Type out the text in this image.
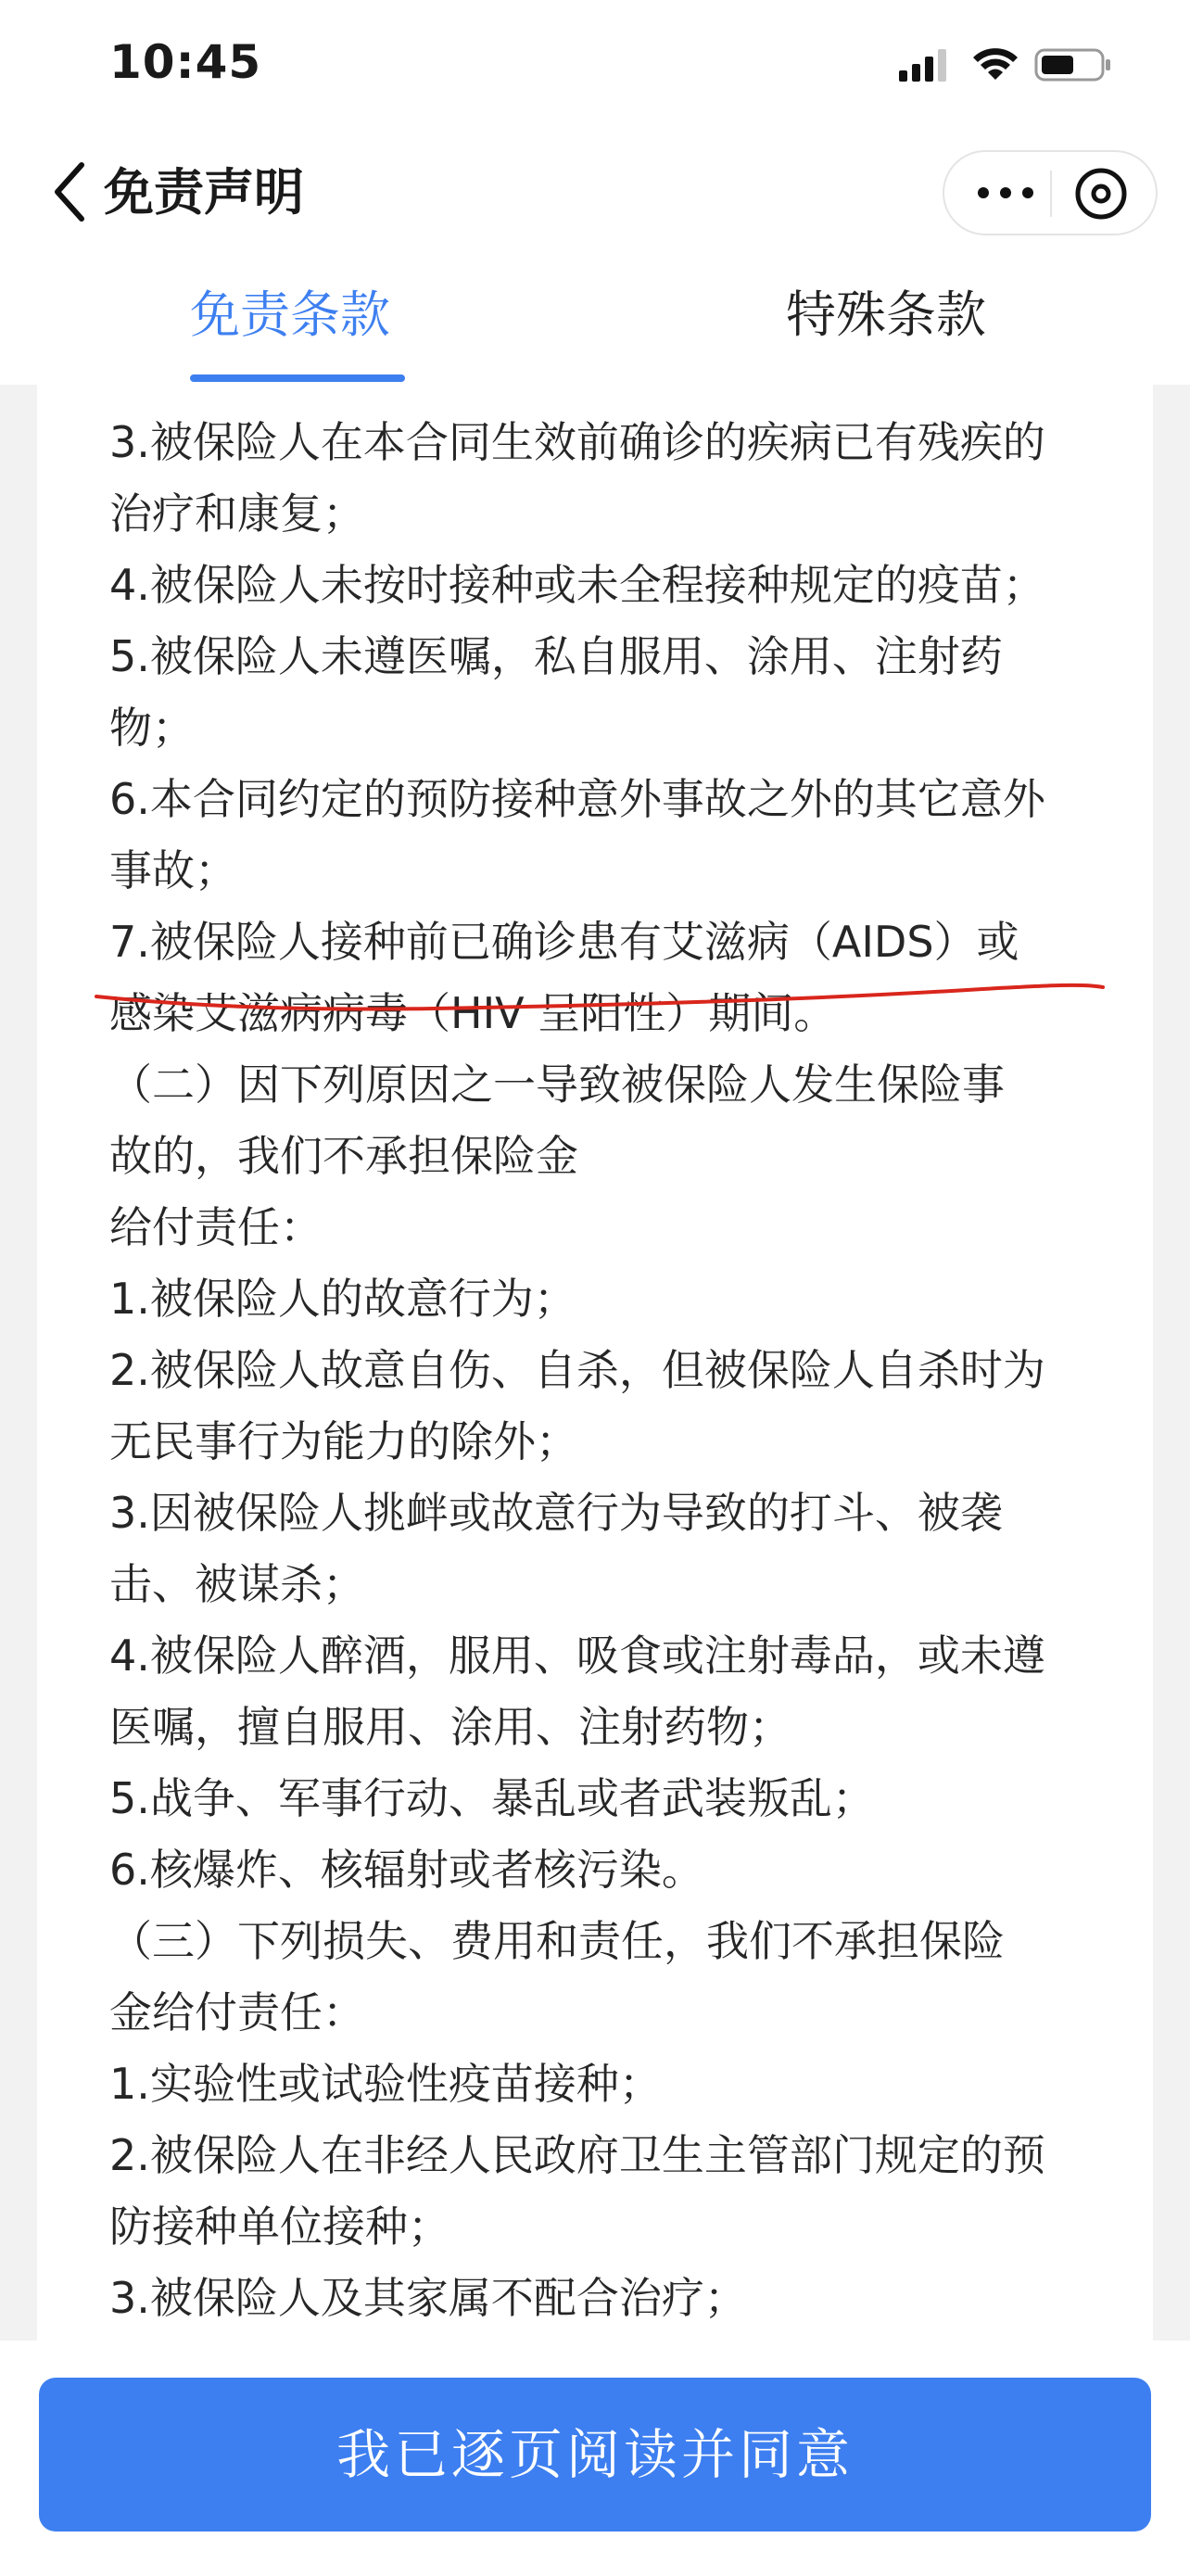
10:45
免责声明
免责条款	特殊条款
3.被保险人在本合同生效前确诊的疾病已有残疾的
治疗和康复；
4.被保险人未按时接种或未全程接种规定的疫苗；
5.被保险人未遵医嘱，私自服用、涂用、注射药
物；
6.本合同约定的预防接种意外事故之外的其它意外
事故；
7.被保险人接种前已确诊患有艾滋病（AIDS）或
感染艾滋病病毒（HIV 呈阳性）期间。
（二）因下列原因之一导致被保险人发生保险事
故的，我们不承担保险金
给付责任：
1.被保险人的故意行为；
2.被保险人故意自伤、自杀，但被保险人自杀时为
无民事行为能力的除外；
3.因被保险人挑衅或故意行为导致的打斗、被袭
击、被谋杀；
4.被保险人醉酒，服用、吸食或注射毒品，或未遵
医嘱，擅自服用、涂用、注射药物；
5.战争、军事行动、暴乱或者武装叛乱；
6.核爆炸、核辐射或者核污染。
（三）下列损失、费用和责任，我们不承担保险
金给付责任：
1.实验性或试验性疫苗接种；
2.被保险人在非经人民政府卫生主管部门规定的预
防接种单位接种；
3.被保险人及其家属不配合治疗；
我已逐页阅读并同意
